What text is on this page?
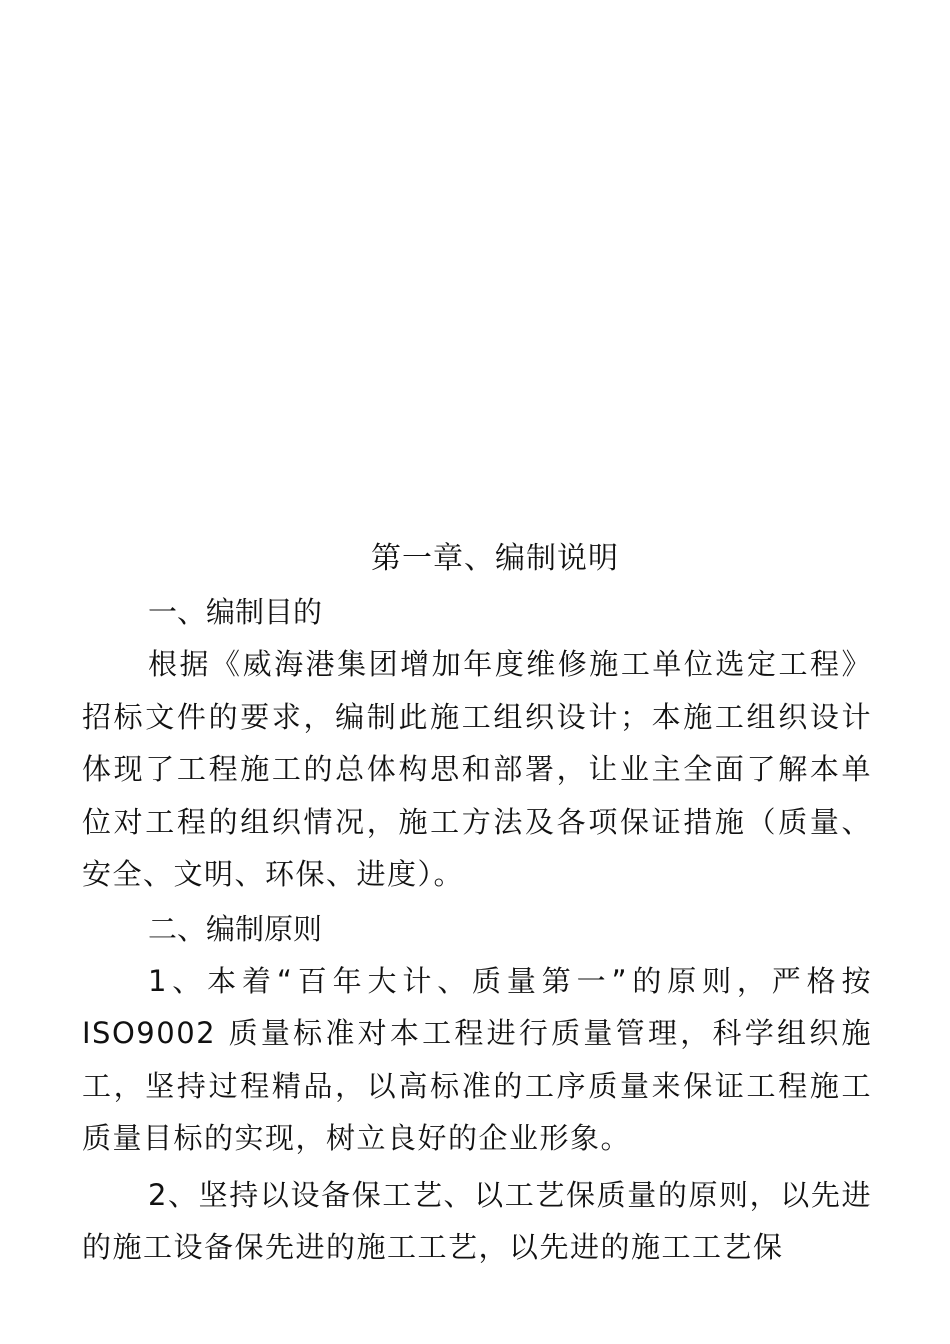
第一章、编制说明

一、编制目的

根据《威海港集团增加年度维修施工单位选定工程》招标文件的要求，编制此施工组织设计；本施工组织设计体现了工程施工的总体构思和部署，让业主全面了解本单位对工程的组织情况，施工方法及各项保证措施（质量、安全、文明、环保、进度）。

二、编制原则

1、本着“百年大计、质量第一”的原则，严格按ISO9002 质量标准对本工程进行质量管理，科学组织施工，坚持过程精品，以高标准的工序质量来保证工程施工质量目标的实现，树立良好的企业形象。

2、坚持以设备保工艺、以工艺保质量的原则，以先进的施工设备保先进的施工工艺，以先进的施工工艺保
